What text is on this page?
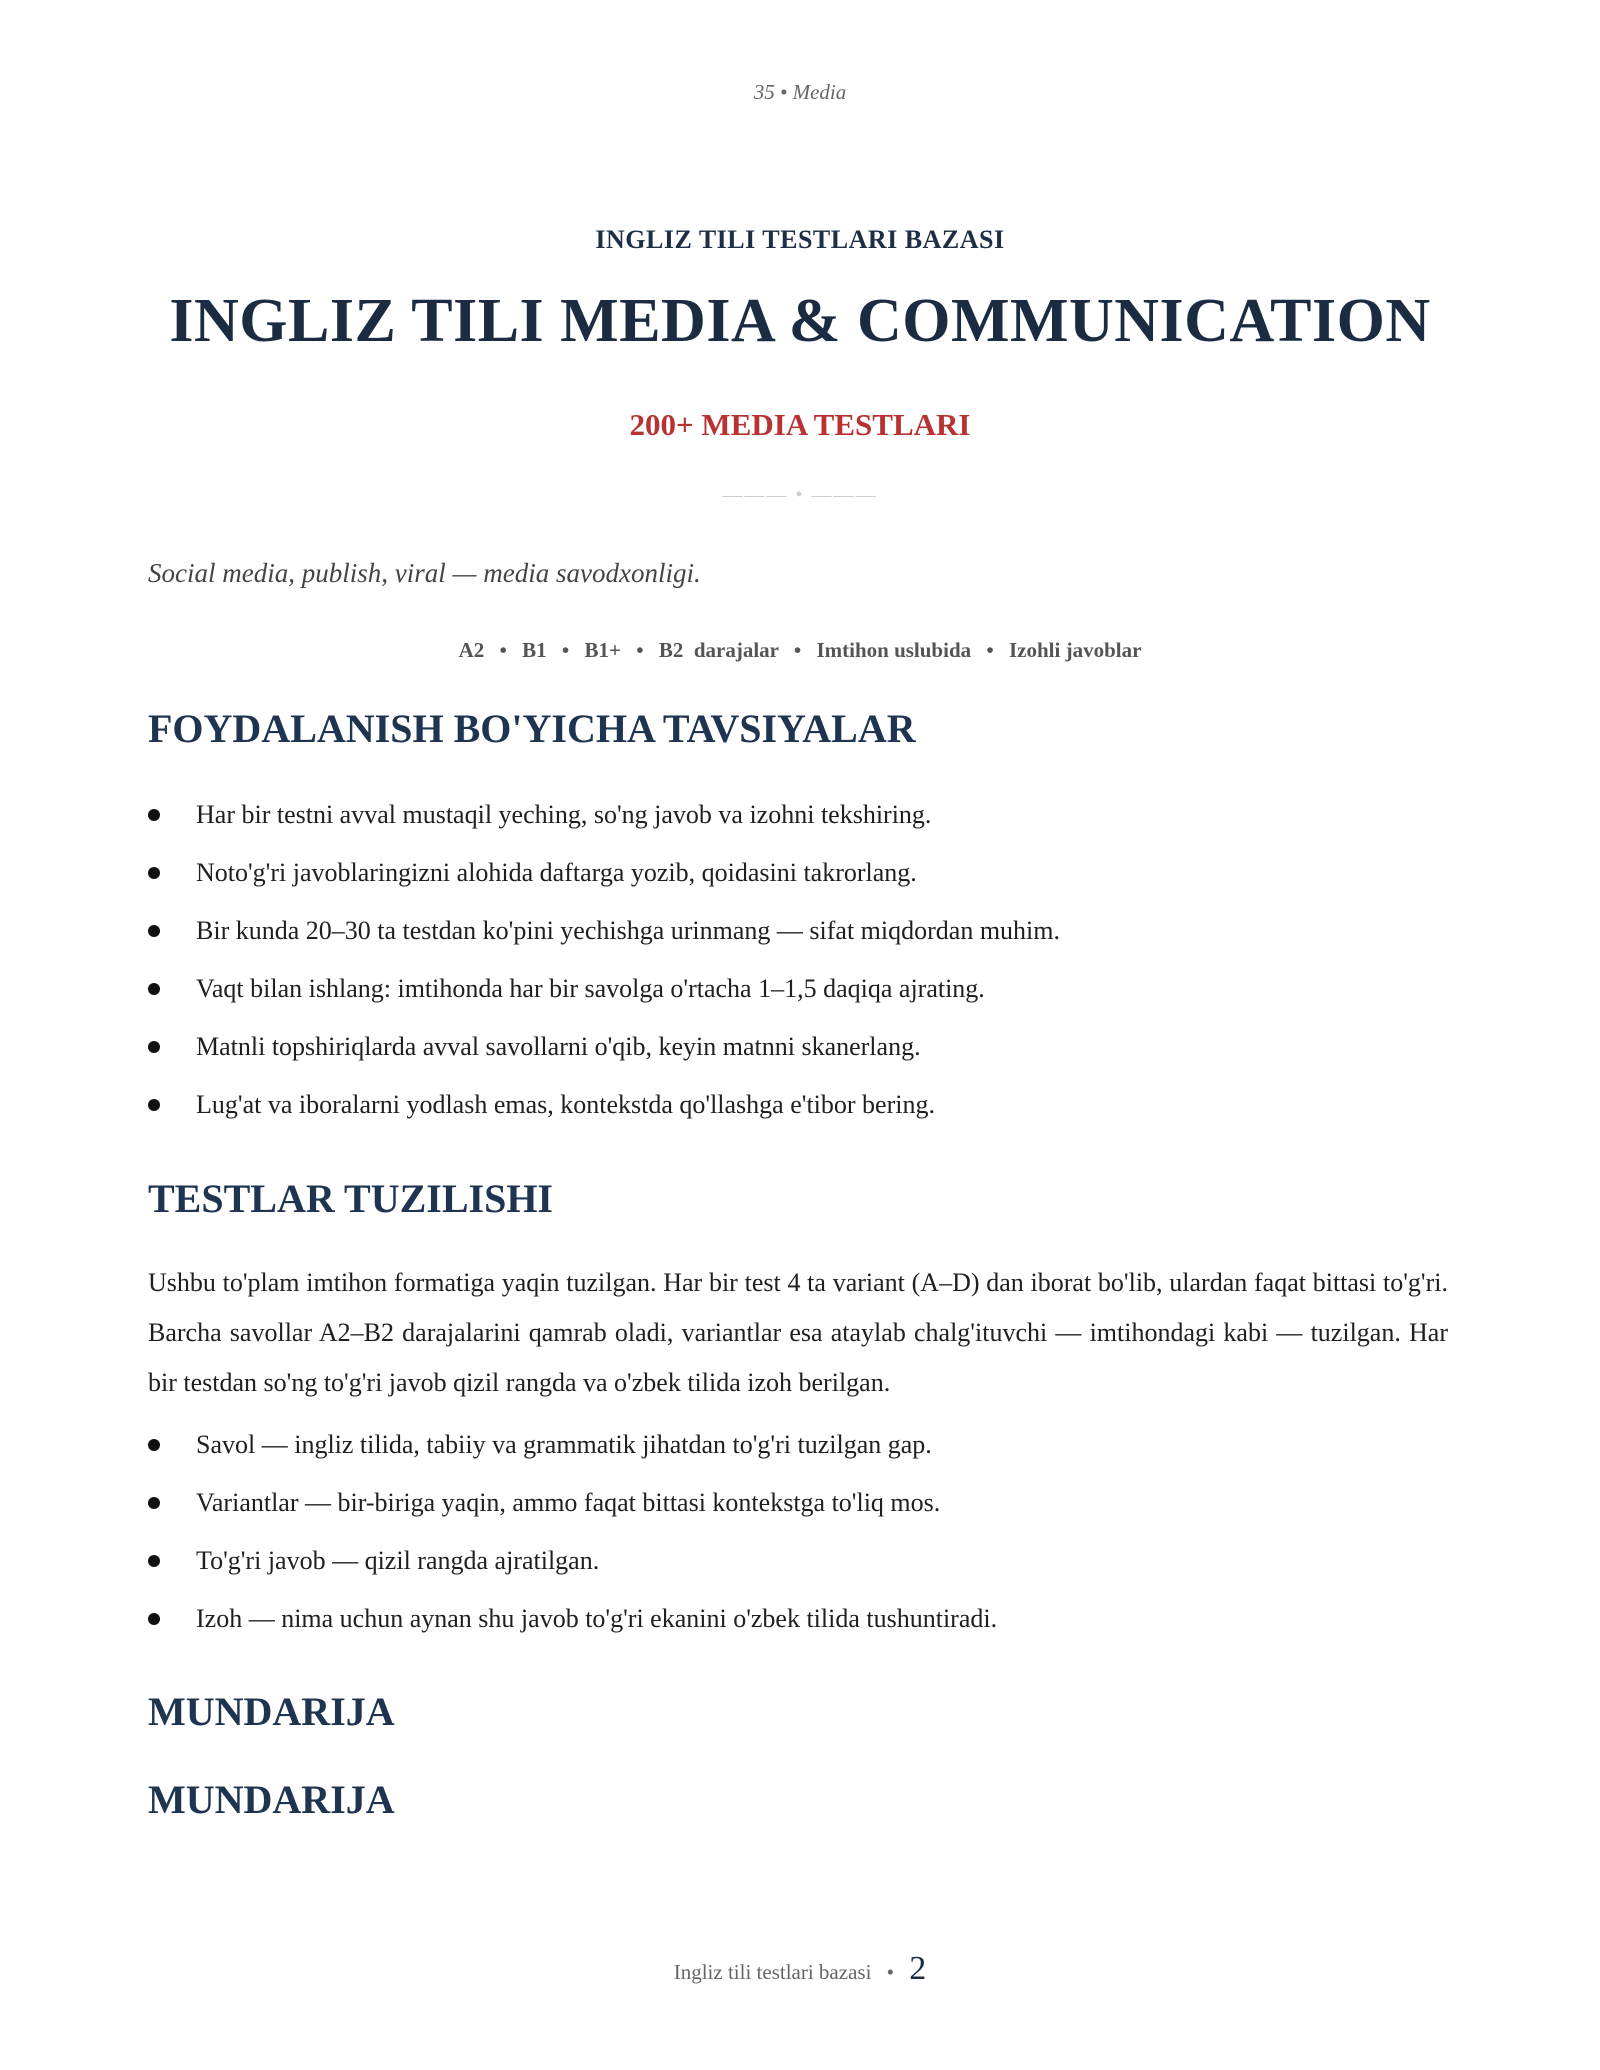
35 • Media
INGLIZ TILI TESTLARI BAZASI
INGLIZ TILI MEDIA & COMMUNICATION
200+ MEDIA TESTLARI
——— • ———
Social media, publish, viral — media savodxonligi.
A2 • B1 • B1+ • B2  darajalar • Imtihon uslubida • Izohli javoblar
FOYDALANISH BO'YICHA TAVSIYALAR
Har bir testni avval mustaqil yeching, so'ng javob va izohni tekshiring.
Noto'g'ri javoblaringizni alohida daftarga yozib, qoidasini takrorlang.
Bir kunda 20–30 ta testdan ko'pini yechishga urinmang — sifat miqdordan muhim.
Vaqt bilan ishlang: imtihonda har bir savolga o'rtacha 1–1,5 daqiqa ajrating.
Matnli topshiriqlarda avval savollarni o'qib, keyin matnni skanerlang.
Lug'at va iboralarni yodlash emas, kontekstda qo'llashga e'tibor bering.
TESTLAR TUZILISHI
Ushbu to'plam imtihon formatiga yaqin tuzilgan. Har bir test 4 ta variant (A–D) dan iborat bo'lib, ulardan faqat bittasi to'g'ri. Barcha savollar A2–B2 darajalarini qamrab oladi, variantlar esa ataylab chalg'ituvchi — imtihondagi kabi — tuzilgan. Har bir testdan so'ng to'g'ri javob qizil rangda va o'zbek tilida izoh berilgan.
Savol — ingliz tilida, tabiiy va grammatik jihatdan to'g'ri tuzilgan gap.
Variantlar — bir-biriga yaqin, ammo faqat bittasi kontekstga to'liq mos.
To'g'ri javob — qizil rangda ajratilgan.
Izoh — nima uchun aynan shu javob to'g'ri ekanini o'zbek tilida tushuntiradi.
MUNDARIJA
MUNDARIJA
Ingliz tili testlari bazasi • 2
